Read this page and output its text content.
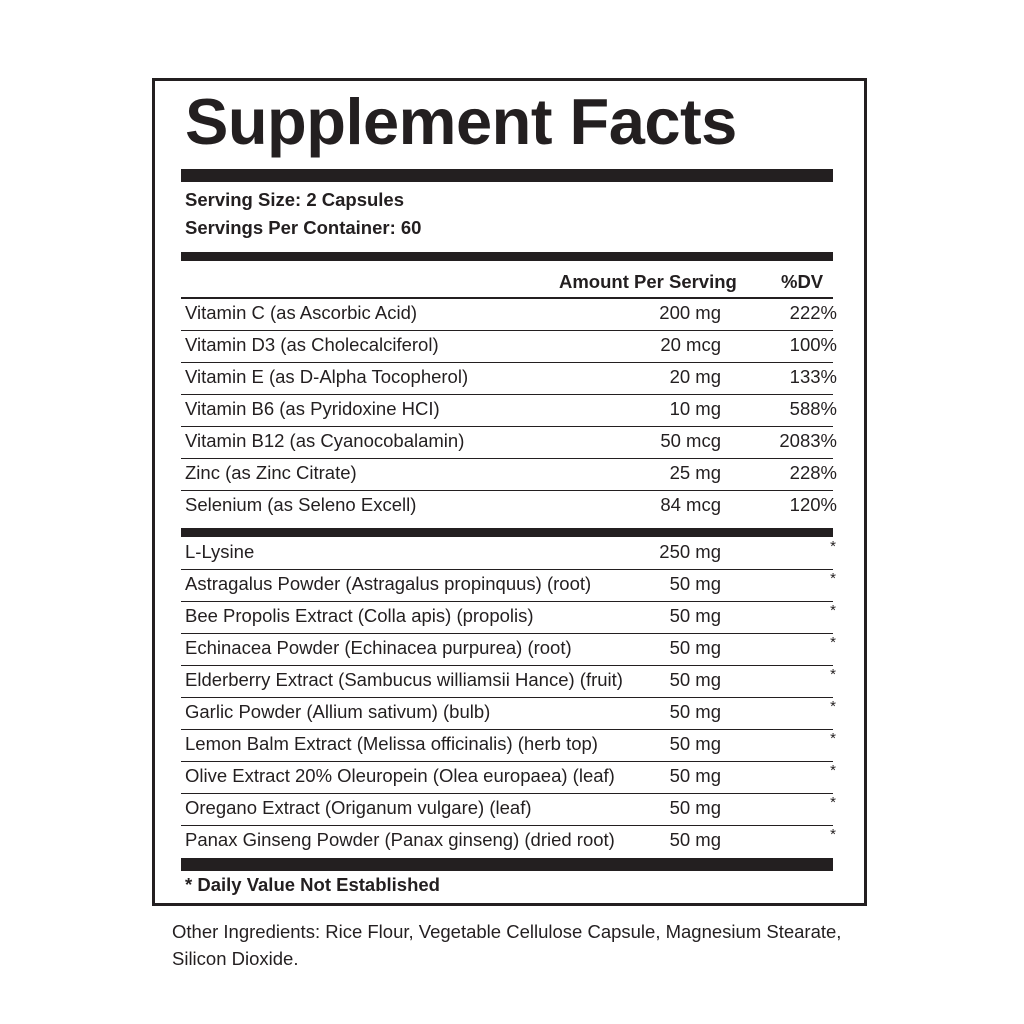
Supplement Facts
Serving Size: 2 Capsules
Servings Per Container: 60
Amount Per Serving %DV
Vitamin C (as Ascorbic Acid)	200 mg	222%
Vitamin D3 (as Cholecalciferol)	20 mcg	100%
Vitamin E (as D-Alpha Tocopherol)	20 mg	133%
Vitamin B6 (as Pyridoxine HCI)	10 mg	588%
Vitamin B12 (as Cyanocobalamin)	50 mcg	2083%
Zinc (as Zinc Citrate)	25 mg	228%
Selenium (as Seleno Excell)	84 mcg	120%
L-Lysine	250 mg	*
Astragalus Powder (Astragalus propinquus) (root)	50 mg	*
Bee Propolis Extract (Colla apis) (propolis)	50 mg	*
Echinacea Powder (Echinacea purpurea) (root)	50 mg	*
Elderberry Extract (Sambucus williamsii Hance) (fruit)	50 mg	*
Garlic Powder (Allium sativum) (bulb)	50 mg	*
Lemon Balm Extract (Melissa officinalis) (herb top)	50 mg	*
Olive Extract 20% Oleuropein (Olea europaea) (leaf)	50 mg	*
Oregano Extract (Origanum vulgare) (leaf)	50 mg	*
Panax Ginseng Powder (Panax ginseng) (dried root)	50 mg	*
* Daily Value Not Established

Other Ingredients: Rice Flour, Vegetable Cellulose Capsule, Magnesium Stearate, Silicon Dioxide.
